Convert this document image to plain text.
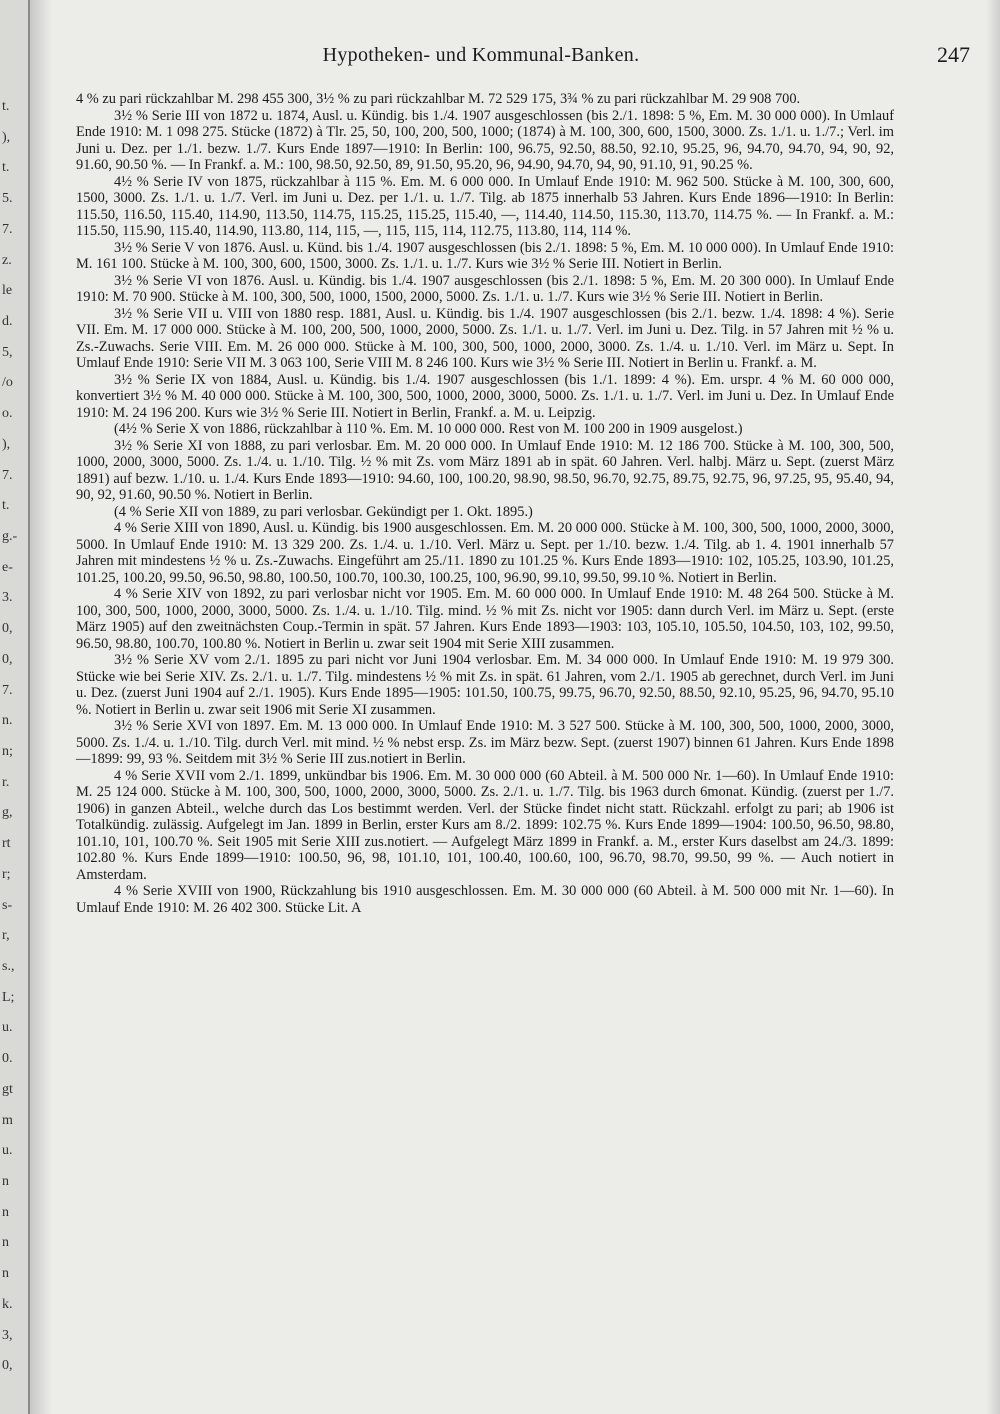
t.
),
t.
5.
7.
z.
le
d.
5,
/o
o.
),
7.
t.
g.-
e-
3.
0,
0,
7.
n.
n;
r.
g,
rt
r;
s-
r,
s.,
L;
u.
0.
gt
m
u.
n
n
n
n
k.
3,
0,
Hypotheken- und Kommunal-Banken.	247

4 % zu pari rückzahlbar M. 298 455 300, 3½ % zu pari rückzahlbar M. 72 529 175, 3¾ % zu pari rückzahlbar M. 29 908 700.

3½ % Serie III von 1872 u. 1874, Ausl. u. Kündig. bis 1./4. 1907 ausgeschlossen (bis 2./1. 1898: 5 %, Em. M. 30 000 000). In Umlauf Ende 1910: M. 1 098 275. Stücke (1872) à Tlr. 25, 50, 100, 200, 500, 1000; (1874) à M. 100, 300, 600, 1500, 3000. Zs. 1./1. u. 1./7.; Verl. im Juni u. Dez. per 1./1. bezw. 1./7. Kurs Ende 1897—1910: In Berlin: 100, 96.75, 92.50, 88.50, 92.10, 95.25, 96, 94.70, 94.70, 94, 90, 92, 91.60, 90.50 %. — In Frankf. a. M.: 100, 98.50, 92.50, 89, 91.50, 95.20, 96, 94.90, 94.70, 94, 90, 91.10, 91, 90.25 %.

4½ % Serie IV von 1875, rückzahlbar à 115 %. Em. M. 6 000 000. In Umlauf Ende 1910: M. 962 500. Stücke à M. 100, 300, 600, 1500, 3000. Zs. 1./1. u. 1./7. Verl. im Juni u. Dez. per 1./1. u. 1./7. Tilg. ab 1875 innerhalb 53 Jahren. Kurs Ende 1896—1910: In Berlin: 115.50, 116.50, 115.40, 114.90, 113.50, 114.75, 115.25, 115.25, 115.40, —, 114.40, 114.50, 115.30, 113.70, 114.75 %. — In Frankf. a. M.: 115.50, 115.90, 115.40, 114.90, 113.80, 114, 115, —, 115, 115, 114, 112.75, 113.80, 114, 114 %.

3½ % Serie V von 1876. Ausl. u. Künd. bis 1./4. 1907 ausgeschlossen (bis 2./1. 1898: 5 %, Em. M. 10 000 000). In Umlauf Ende 1910: M. 161 100. Stücke à M. 100, 300, 600, 1500, 3000. Zs. 1./1. u. 1./7. Kurs wie 3½ % Serie III. Notiert in Berlin.

3½ % Serie VI von 1876. Ausl. u. Kündig. bis 1./4. 1907 ausgeschlossen (bis 2./1. 1898: 5 %, Em. M. 20 300 000). In Umlauf Ende 1910: M. 70 900. Stücke à M. 100, 300, 500, 1000, 1500, 2000, 5000. Zs. 1./1. u. 1./7. Kurs wie 3½ % Serie III. Notiert in Berlin.

3½ % Serie VII u. VIII von 1880 resp. 1881, Ausl. u. Kündig. bis 1./4. 1907 ausgeschlossen (bis 2./1. bezw. 1./4. 1898: 4 %). Serie VII. Em. M. 17 000 000. Stücke à M. 100, 200, 500, 1000, 2000, 5000. Zs. 1./1. u. 1./7. Verl. im Juni u. Dez. Tilg. in 57 Jahren mit ½ % u. Zs.-Zuwachs. Serie VIII. Em. M. 26 000 000. Stücke à M. 100, 300, 500, 1000, 2000, 3000. Zs. 1./4. u. 1./10. Verl. im März u. Sept. In Umlauf Ende 1910: Serie VII M. 3 063 100, Serie VIII M. 8 246 100. Kurs wie 3½ % Serie III. Notiert in Berlin u. Frankf. a. M.

3½ % Serie IX von 1884, Ausl. u. Kündig. bis 1./4. 1907 ausgeschlossen (bis 1./1. 1899: 4 %). Em. urspr. 4 % M. 60 000 000, konvertiert 3½ % M. 40 000 000. Stücke à M. 100, 300, 500, 1000, 2000, 3000, 5000. Zs. 1./1. u. 1./7. Verl. im Juni u. Dez. In Umlauf Ende 1910: M. 24 196 200. Kurs wie 3½ % Serie III. Notiert in Berlin, Frankf. a. M. u. Leipzig.

(4½ % Serie X von 1886, rückzahlbar à 110 %. Em. M. 10 000 000. Rest von M. 100 200 in 1909 ausgelost.)

3½ % Serie XI von 1888, zu pari verlosbar. Em. M. 20 000 000. In Umlauf Ende 1910: M. 12 186 700. Stücke à M. 100, 300, 500, 1000, 2000, 3000, 5000. Zs. 1./4. u. 1./10. Tilg. ½ % mit Zs. vom März 1891 ab in spät. 60 Jahren. Verl. halbj. März u. Sept. (zuerst März 1891) auf bezw. 1./10. u. 1./4. Kurs Ende 1893—1910: 94.60, 100, 100.20, 98.90, 98.50, 96.70, 92.75, 89.75, 92.75, 96, 97.25, 95, 95.40, 94, 90, 92, 91.60, 90.50 %. Notiert in Berlin.

(4 % Serie XII von 1889, zu pari verlosbar. Gekündigt per 1. Okt. 1895.)

4 % Serie XIII von 1890, Ausl. u. Kündig. bis 1900 ausgeschlossen. Em. M. 20 000 000. Stücke à M. 100, 300, 500, 1000, 2000, 3000, 5000. In Umlauf Ende 1910: M. 13 329 200. Zs. 1./4. u. 1./10. Verl. März u. Sept. per 1./10. bezw. 1./4. Tilg. ab 1. 4. 1901 innerhalb 57 Jahren mit mindestens ½ % u. Zs.-Zuwachs. Eingeführt am 25./11. 1890 zu 101.25 %. Kurs Ende 1893—1910: 102, 105.25, 103.90, 101.25, 101.25, 100.20, 99.50, 96.50, 98.80, 100.50, 100.70, 100.30, 100.25, 100, 96.90, 99.10, 99.50, 99.10 %. Notiert in Berlin.

4 % Serie XIV von 1892, zu pari verlosbar nicht vor 1905. Em. M. 60 000 000. In Umlauf Ende 1910: M. 48 264 500. Stücke à M. 100, 300, 500, 1000, 2000, 3000, 5000. Zs. 1./4. u. 1./10. Tilg. mind. ½ % mit Zs. nicht vor 1905: dann durch Verl. im März u. Sept. (erste März 1905) auf den zweitnächsten Coup.-Termin in spät. 57 Jahren. Kurs Ende 1893—1903: 103, 105.10, 105.50, 104.50, 103, 102, 99.50, 96.50, 98.80, 100.70, 100.80 %. Notiert in Berlin u. zwar seit 1904 mit Serie XIII zusammen.

3½ % Serie XV vom 2./1. 1895 zu pari nicht vor Juni 1904 verlosbar. Em. M. 34 000 000. In Umlauf Ende 1910: M. 19 979 300. Stücke wie bei Serie XIV. Zs. 2./1. u. 1./7. Tilg. mindestens ½ % mit Zs. in spät. 61 Jahren, vom 2./1. 1905 ab gerechnet, durch Verl. im Juni u. Dez. (zuerst Juni 1904 auf 2./1. 1905). Kurs Ende 1895—1905: 101.50, 100.75, 99.75, 96.70, 92.50, 88.50, 92.10, 95.25, 96, 94.70, 95.10 %. Notiert in Berlin u. zwar seit 1906 mit Serie XI zusammen.

3½ % Serie XVI von 1897. Em. M. 13 000 000. In Umlauf Ende 1910: M. 3 527 500. Stücke à M. 100, 300, 500, 1000, 2000, 3000, 5000. Zs. 1./4. u. 1./10. Tilg. durch Verl. mit mind. ½ % nebst ersp. Zs. im März bezw. Sept. (zuerst 1907) binnen 61 Jahren. Kurs Ende 1898—1899: 99, 93 %. Seitdem mit 3½ % Serie III zus.notiert in Berlin.

4 % Serie XVII vom 2./1. 1899, unkündbar bis 1906. Em. M. 30 000 000 (60 Abteil. à M. 500 000 Nr. 1—60). In Umlauf Ende 1910: M. 25 124 000. Stücke à M. 100, 300, 500, 1000, 2000, 3000, 5000. Zs. 2./1. u. 1./7. Tilg. bis 1963 durch 6monat. Kündig. (zuerst per 1./7. 1906) in ganzen Abteil., welche durch das Los bestimmt werden. Verl. der Stücke findet nicht statt. Rückzahl. erfolgt zu pari; ab 1906 ist Totalkündig. zulässig. Aufgelegt im Jan. 1899 in Berlin, erster Kurs am 8./2. 1899: 102.75 %. Kurs Ende 1899—1904: 100.50, 96.50, 98.80, 101.10, 101, 100.70 %. Seit 1905 mit Serie XIII zus.notiert. — Aufgelegt März 1899 in Frankf. a. M., erster Kurs daselbst am 24./3. 1899: 102.80 %. Kurs Ende 1899—1910: 100.50, 96, 98, 101.10, 101, 100.40, 100.60, 100, 96.70, 98.70, 99.50, 99 %. — Auch notiert in Amsterdam.

4 % Serie XVIII von 1900, Rückzahlung bis 1910 ausgeschlossen. Em. M. 30 000 000 (60 Abteil. à M. 500 000 mit Nr. 1—60). In Umlauf Ende 1910: M. 26 402 300. Stücke Lit. A
